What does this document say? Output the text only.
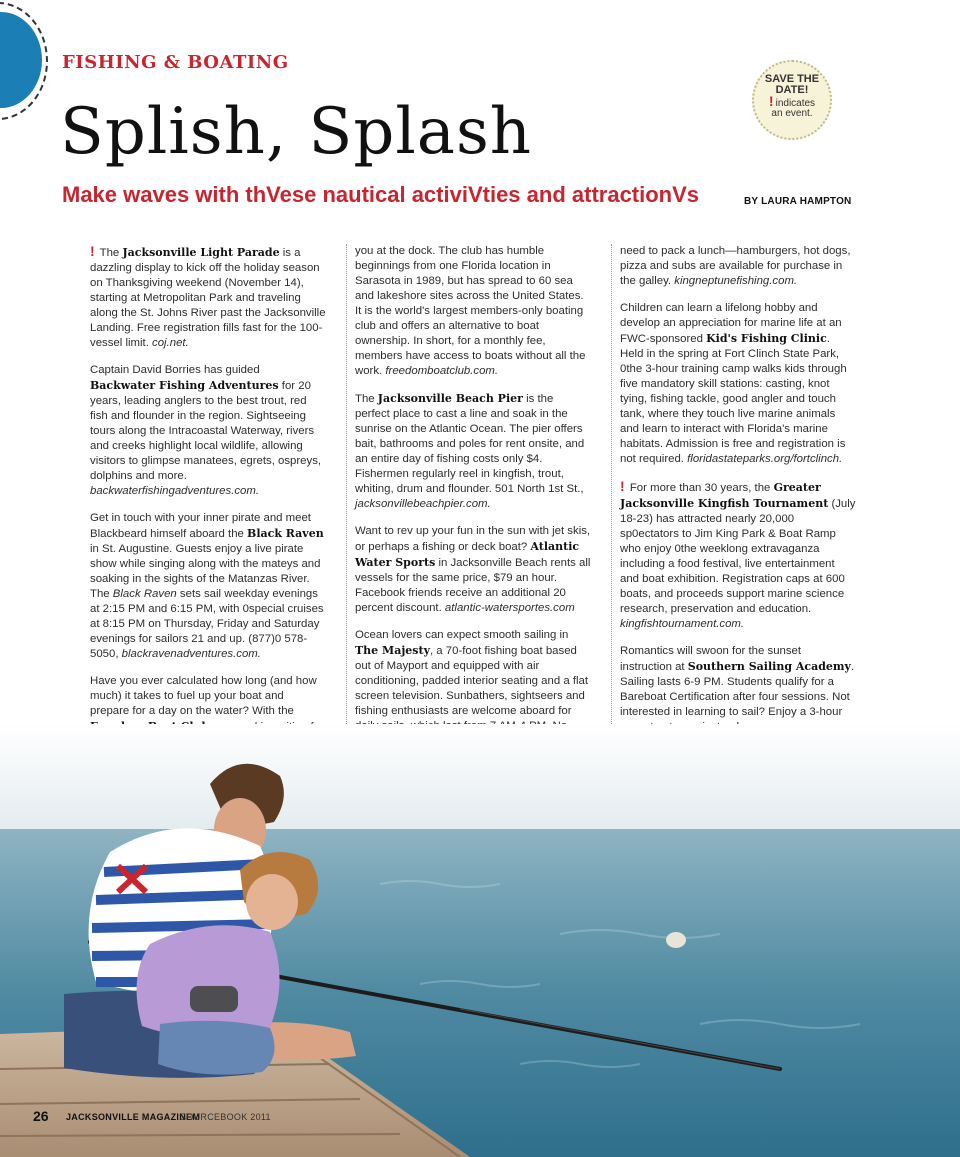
FISHING & BOATING
Splish, Splash
Make waves with thVese nautical activiVties and attractionVs	BY LAURA HAMPTON
SAVE THE
DATE!
! indicates
an event.

! The Jacksonville Light Parade is a dazzling display to kick off the holiday season on Thanksgiving weekend (November 14), starting at Metropolitan Park and traveling along the St. Johns River past the Jacksonville Landing. Free registration fills fast for the 100-vessel limit. coj.net.

Captain David Borries has guided Backwater Fishing Adventures for 20 years, leading anglers to the best trout, red fish and flounder in the region. Sightseeing tours along the Intracoastal Waterway, rivers and creeks highlight local wildlife, allowing visitors to glimpse manatees, egrets, ospreys, dolphins and more. backwaterfishingadventures.com.

Get in touch with your inner pirate and meet Blackbeard himself aboard the Black Raven in St. Augustine. Guests enjoy a live pirate show while singing along with the mateys and soaking in the sights of the Matanzas River. The Black Raven sets sail weekday evenings at 2:15 PM and 6:15 PM, with 0special cruises at 8:15 PM on Thursday, Friday and Saturday evenings for sailors 21 and up. (877)0 578-5050, blackravenadventures.com.

Have you ever calculated how long (and how much) it takes to fuel up your boat and prepare for a day on the water? With the

you at the dock. The club has humble beginnings from one Florida location in Sarasota in 1989, but has spread to 60 sea and lakeshore sites across the United States. It is the world's largest members-only boating club and offers an alternative to boat ownership. In short, for a monthly fee, members have access to boats without all the work. freedomboatclub.com.

The Jacksonville Beach Pier is the perfect place to cast a line and soak in the sunrise on the Atlantic Ocean. The pier offers bait, bathrooms and poles for rent onsite, and an entire day of fishing costs only $4. Fishermen regularly reel in kingfish, trout, whiting, drum and flounder. 501 North 1st St., jacksonvillebeachpier.com.

Want to rev up your fun in the sun with jet skis, or perhaps a fishing or deck boat? Atlantic Water Sports in Jacksonville Beach rents all vessels for the same price, $79 an hour. Facebook friends receive an additional 20 percent discount. atlantic-watersportes.com

Ocean lovers can expect smooth sailing in The Majesty, a 70-foot fishing boat based out of Mayport and equipped with air conditioning, padded interior seating and a flat screen television. Sunbathers, sightseers and fishing enthusiasts are welcome aboard for

need to pack a lunch—hamburgers, hot dogs, pizza and subs are available for purchase in the galley. kingneptunefishing.com.

Children can learn a lifelong hobby and develop an appreciation for marine life at an FWC-sponsored Kid's Fishing Clinic. Held in the spring at Fort Clinch State Park, 0the 3-hour training camp walks kids through five mandatory skill stations: casting, knot tying, fishing tackle, good angler and touch tank, where they touch live marine animals and learn to interact with Florida's marine habitats. Admission is free and registration is not required. floridastateparks.org/fortclinch.

! For more than 30 years, the Greater Jacksonville Kingfish Tournament (July 18-23) has attracted nearly 20,000 sp0ectators to Jim King Park & Boat Ramp who enjoy 0the weeklong extravaganza including a food festival, live entertainment and boat exhibition. Registration caps at 600 boats, and proceeds support marine science research, preservation and education. kingfishtournament.com.

Romantics will swoon for the sunset instruction at Southern Sailing Academy. Sailing lasts 6-9 PM. Students qualify for a Bareboat Certification after four sessions. Not interested in learning to sail? Enjoy a 3-hour

26 JACKSONVILLE MAGAZINEM
SOURCEBOOK 2011
